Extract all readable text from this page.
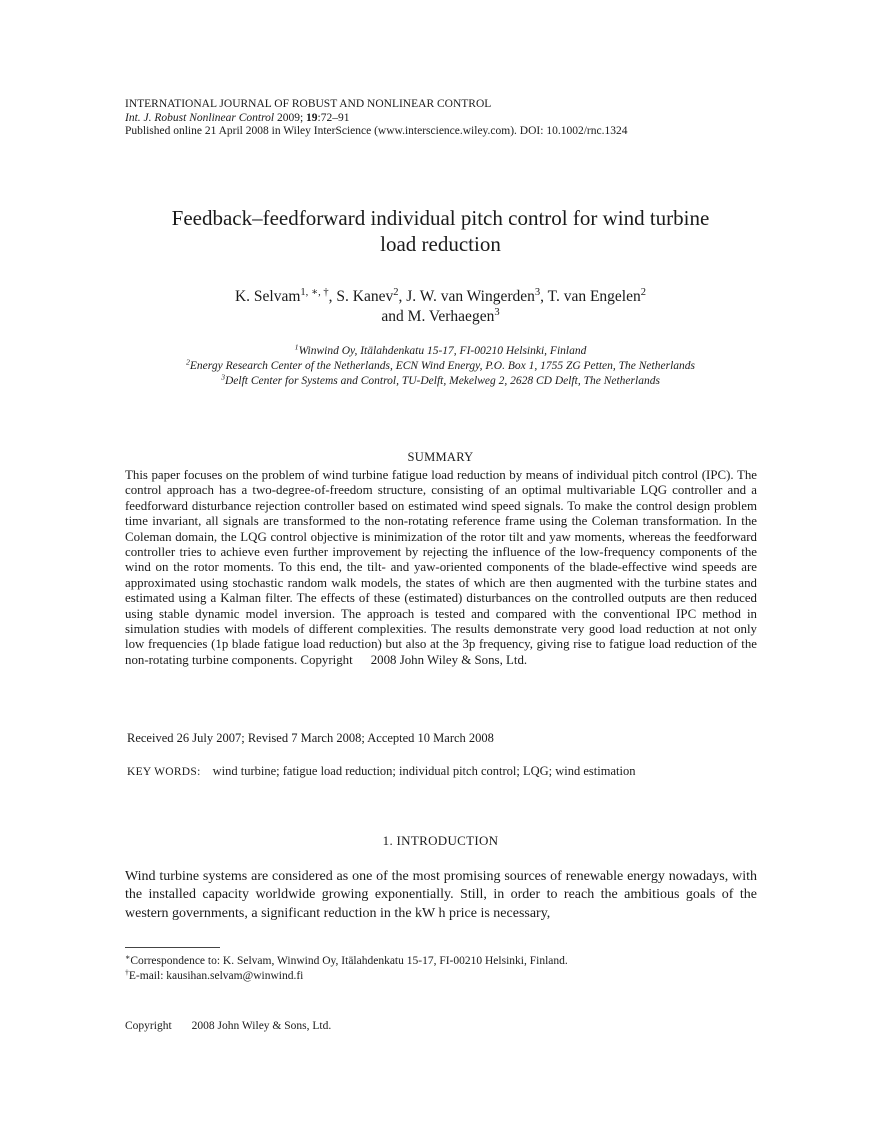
INTERNATIONAL JOURNAL OF ROBUST AND NONLINEAR CONTROL
Int. J. Robust Nonlinear Control 2009; 19:72–91
Published online 21 April 2008 in Wiley InterScience (www.interscience.wiley.com). DOI: 10.1002/rnc.1324
Feedback–feedforward individual pitch control for wind turbine
load reduction
K. Selvam$^{1, ∗, \dagger}$, S. Kanev$^2$, J. W. van Wingerden$^3$, T. van Engelen$^2$
and M. Verhaegen$^3$
$^1$Winwind Oy, Itälahdenkatu 15-17, FI-00210 Helsinki, Finland
$^2$Energy Research Center of the Netherlands, ECN Wind Energy, P.O. Box 1, 1755 ZG Petten, The Netherlands
$^3$Delft Center for Systems and Control, TU-Delft, Mekelweg 2, 2628 CD Delft, The Netherlands
SUMMARY
This paper focuses on the problem of wind turbine fatigue load reduction by means of individual pitch control (IPC). The control approach has a two-degree-of-freedom structure, consisting of an optimal multivariable LQG controller and a feedforward disturbance rejection controller based on estimated wind speed signals. To make the control design problem time invariant, all signals are transformed to the non-rotating reference frame using the Coleman transformation. In the Coleman domain, the LQG control objective is minimization of the rotor tilt and yaw moments, whereas the feedforward controller tries to achieve even further improvement by rejecting the influence of the low-frequency components of the wind on the rotor moments. To this end, the tilt- and yaw-oriented components of the blade-effective wind speeds are approximated using stochastic random walk models, the states of which are then augmented with the turbine states and estimated using a Kalman filter. The effects of these (estimated) disturbances on the controlled outputs are then reduced using stable dynamic model inversion. The approach is tested and compared with the conventional IPC method in simulation studies with models of different complexities. The results demonstrate very good load reduction at not only low frequencies (1p blade fatigue load reduction) but also at the 3p frequency, giving rise to fatigue load reduction of the non-rotating turbine components. Copyright 2008 John Wiley & Sons, Ltd.
Received 26 July 2007; Revised 7 March 2008; Accepted 10 March 2008
KEY WORDS: wind turbine; fatigue load reduction; individual pitch control; LQG; wind estimation
1. INTRODUCTION
Wind turbine systems are considered as one of the most promising sources of renewable energy nowadays, with the installed capacity worldwide growing exponentially. Still, in order to reach the ambitious goals of the western governments, a significant reduction in the kW h price is necessary,
∗Correspondence to: K. Selvam, Winwind Oy, Itälahdenkatu 15-17, FI-00210 Helsinki, Finland.
†E-mail: kausihan.selvam@winwind.fi
Copyright 2008 John Wiley & Sons, Ltd.
